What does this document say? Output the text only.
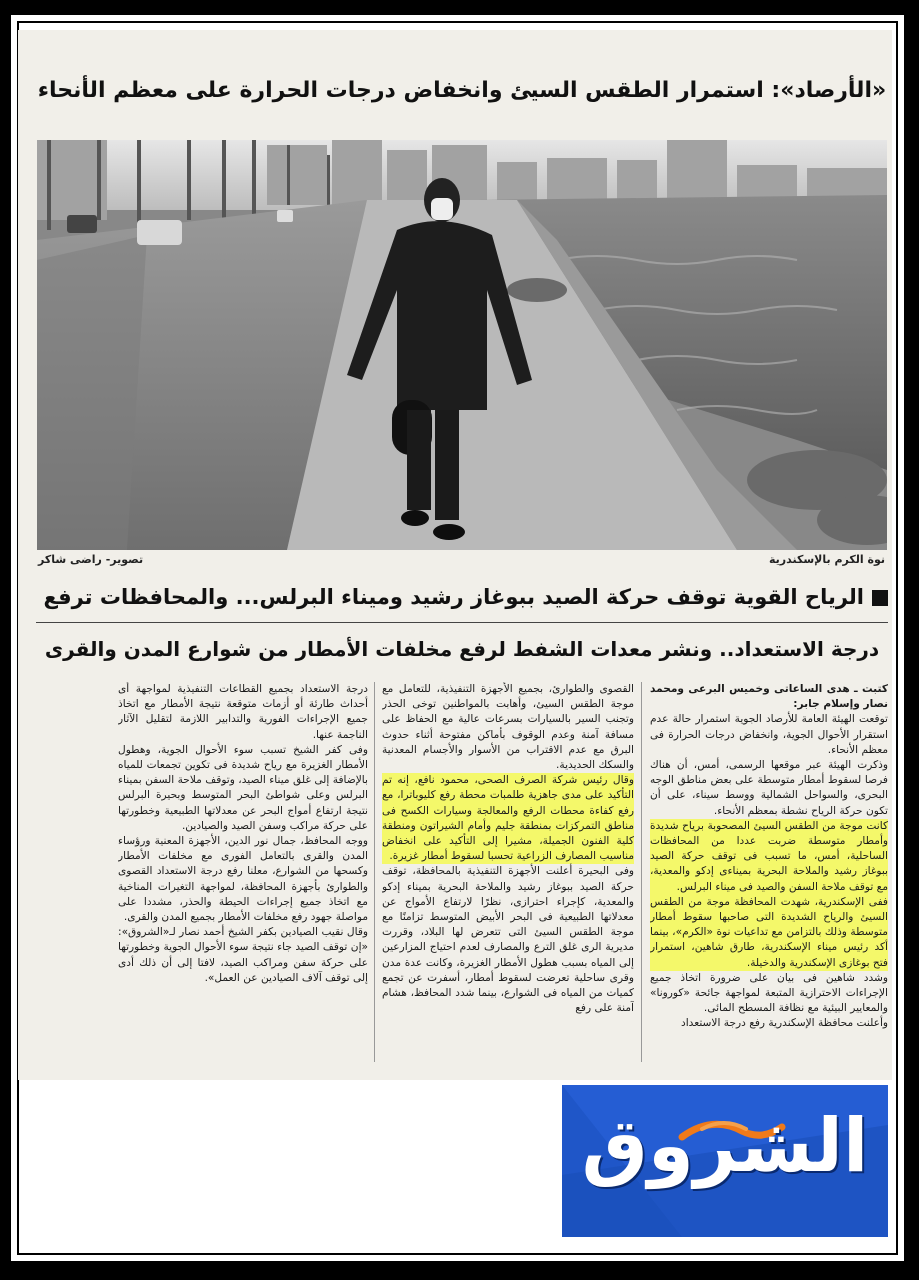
«الأرصاد»: استمرار الطقس السيئ وانخفاض درجات الحرارة على معظم الأنحاء
نوة الكرم بالإسكندرية
تصوير- راضى شاكر
الرياح القوية توقف حركة الصيد ببوغاز رشيد وميناء البرلس... والمحافظات ترفع
درجة الاستعداد.. ونشر معدات الشفط لرفع مخلفات الأمطار من شوارع المدن والقرى

كتبت ـ هدى الساعاتى وخميس البرعى ومحمد نصار وإسلام جابر:

توقعت الهيئة العامة للأرصاد الجوية استمرار حالة عدم استقرار الأحوال الجوية، وانخفاض درجات الحرارة فى معظم الأنحاء.

وذكرت الهيئة عبر موقعها الرسمى، أمس، أن هناك فرصا لسقوط أمطار متوسطة على بعض مناطق الوجه البحرى، والسواحل الشمالية ووسط سيناء، على أن تكون حركة الرياح نشطة بمعظم الأنحاء.

كانت موجة من الطقس السيئ المصحوبة برياح شديدة وأمطار متوسطة ضربت عددا من المحافظات الساحلية، أمس، ما تسبب فى توقف حركة الصيد ببوغاز رشيد والملاحة البحرية بميناءى إدكو والمعدية، مع توقف ملاحة السفن والصيد فى ميناء البرلس.

ففى الإسكندرية، شهدت المحافظة موجة من الطقس السيئ والرياح الشديدة التى صاحبها سقوط أمطار متوسطة وذلك بالتزامن مع تداعيات نوة «الكرم»، بينما أكد رئيس ميناء الإسكندرية، طارق شاهين، استمرار فتح بوغازى الإسكندرية والدخيلة.

وشدد شاهين فى بيان على ضرورة اتخاذ جميع الإجراءات الاحترازية المتبعة لمواجهة جائحة «كورونا» والمعايير البيئية مع نظافة المسطح المائى.

وأعلنت محافظة الإسكندرية رفع درجة الاستعداد

القصوى والطوارئ، بجميع الأجهزة التنفيذية، للتعامل مع موجة الطقس السيئ، وأهابت بالمواطنين توخى الحذر وتجنب السير بالسيارات بسرعات عالية مع الحفاظ على مسافة آمنة وعدم الوقوف بأماكن مفتوحة أثناء حدوث البرق مع عدم الاقتراب من الأسوار والأجسام المعدنية والسكك الحديدية.

وقال رئيس شركة الصرف الصحى، محمود نافع، إنه تم التأكيد على مدى جاهزية طلمبات محطة رفع كليوباترا، مع رفع كفاءة محطات الرفع والمعالجة وسيارات الكسح فى مناطق التمركزات بمنطقة جليم وأمام الشيراتون ومنطقة كلية الفنون الجميلة، مشيرا إلى التأكيد على انخفاض مناسيب المصارف الزراعية تحسبا لسقوط أمطار غزيرة.

وفى البحيرة أعلنت الأجهزة التنفيذية بالمحافظة، توقف حركة الصيد ببوغاز رشيد والملاحة البحرية بميناء إدكو والمعدية، كإجراء احترازى، نظرًا لارتفاع الأمواج عن معدلاتها الطبيعية فى البحر الأبيض المتوسط تزامنًا مع موجة الطقس السيئ التى تتعرض لها البلاد، وقررت مديرية الرى غلق الترع والمصارف لعدم احتياج المزارعين إلى المياه بسبب هطول الأمطار الغزيرة، وكانت عدة مدن وقرى ساحلية تعرضت لسقوط أمطار، أسفرت عن تجمع كميات من المياه فى الشوارع، بينما شدد المحافظ، هشام آمنة على رفع

درجة الاستعداد بجميع القطاعات التنفيذية لمواجهة أى أحداث طارئة أو أزمات متوقعة نتيجة الأمطار مع اتخاذ جميع الإجراءات الفورية والتدابير اللازمة لتقليل الآثار الناجمة عنها.

وفى كفر الشيخ تسبب سوء الأحوال الجوية، وهطول الأمطار الغزيرة مع رياح شديدة فى تكوين تجمعات للمياه بالإضافة إلى غلق ميناء الصيد، وتوقف ملاحة السفن بميناء البرلس وعلى شواطئ البحر المتوسط وبحيرة البرلس نتيجة ارتفاع أمواج البحر عن معدلاتها الطبيعية وخطورتها على حركة مراكب وسفن الصيد والصيادين.

ووجه المحافظ، جمال نور الدين، الأجهزة المعنية ورؤساء المدن والقرى بالتعامل الفورى مع مخلفات الأمطار وكسحها من الشوارع، معلنا رفع درجة الاستعداد القصوى والطوارئ بأجهزة المحافظة، لمواجهة التغيرات المناخية مع اتخاذ جميع إجراءات الحيطة والحذر، مشددا على مواصلة جهود رفع مخلفات الأمطار بجميع المدن والقرى.

وقال نقيب الصيادين بكفر الشيخ أحمد نصار لـ«الشروق»: «إن توقف الصيد جاء نتيجة سوء الأحوال الجوية وخطورتها على حركة سفن ومراكب الصيد، لافتا إلى أن ذلك أدى إلى توقف آلاف الصيادين عن العمل».

الشروق
